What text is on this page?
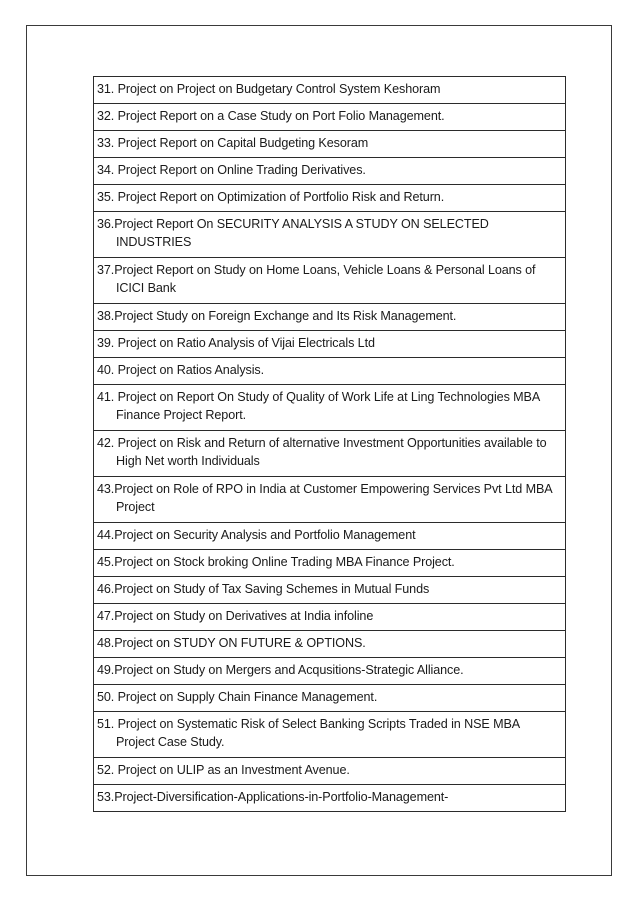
31. Project on Project on Budgetary Control System Keshoram

32. Project Report on a Case Study on Port Folio Management.

33. Project Report on Capital Budgeting Kesoram

34. Project Report on Online Trading Derivatives.

35. Project Report on Optimization of Portfolio Risk and Return.

36.Project Report On SECURITY ANALYSIS A STUDY ON SELECTED INDUSTRIES

37.Project Report on Study on Home Loans, Vehicle Loans & Personal Loans of ICICI Bank

38.Project Study on Foreign Exchange and Its Risk Management.

39. Project on Ratio Analysis of Vijai Electricals Ltd

40. Project on Ratios Analysis.

41. Project on Report On Study of Quality of Work Life at Ling Technologies MBA Finance Project Report.

42. Project on Risk and Return of alternative Investment Opportunities available to High Net worth Individuals

43.Project on Role of RPO in India at Customer Empowering Services Pvt Ltd MBA Project

44.Project on Security Analysis and Portfolio Management

45.Project on Stock broking Online Trading MBA Finance Project.

46.Project on Study of Tax Saving Schemes in Mutual Funds

47.Project on Study on Derivatives at India infoline

48.Project on STUDY ON FUTURE & OPTIONS.

49.Project on Study on Mergers and Acqusitions-Strategic Alliance.

50. Project on Supply Chain Finance Management.

51. Project on Systematic Risk of Select Banking Scripts Traded in NSE MBA Project Case Study.

52. Project on ULIP as an Investment Avenue.

53.Project-Diversification-Applications-in-Portfolio-Management-
